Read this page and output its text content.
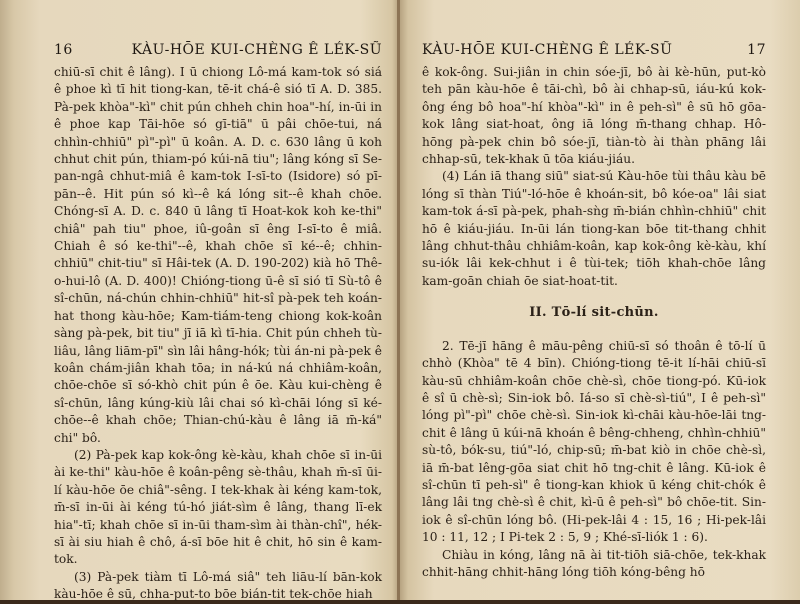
16	KÀU-HŌE KUI-CHÈNG Ê LÉK-SŨ

chiū-sī chit ê lâng). I ū chiong Lô-má kam-tok só siá ê phoe kì tī hit tiong-kan, tē-it chá-ê sió tī A. D. 385. Pà-pek khòa"-kì" chit pún chheh chin hoa"-hí, in-ūi in ê phoe kap Tāi-hōe só gī-tiā" ū pâi chōe-tui, ná chhìn-chhiū" pì"-pì" ū koân. A. D. c. 630 lâng ū koh chhut chit pún, thiam-pó kúi-nā tiu"; lâng kóng sī Se-pan-ngâ chhut-miâ ê kam-tok I-sī-to (Isidore) só pī-pān--ê. Hit pún só kì--ê ká lóng sit--ê khah chōe. Chóng-sī A. D. c. 840 ū lâng tī Hoat-kok koh ke-thi" chiâ" pah tiu" phoe, iû-goân sī êng I-sī-to ê miâ. Chiah ê só ke-thi"--ê, khah chōe sī ké--ê; chhin-chhiū" chit-tiu" sī Hâi-tek (A. D. 190-202) kià hō Thê-o-hui-lô (A. D. 400)! Chióng-tiong ū-ê sī sió tī Sù-tô ê sî-chūn, ná-chún chhin-chhiū" hit-sî pà-pek teh koán-hat thong kàu-hōe; Kam-tiám-teng chiong kok-koân sàng pà-pek, bit tiu" jī iā kì tī-hia. Chit pún chheh tù-liâu, lâng liām-pī" sìn lâi hâng-hók; tùi án-ni pà-pek ê koân chám-jiân khah tōa; in ná-kú ná chhiâm-koân, chōe-chōe sī só-khò chit pún ê ōe. Kàu kui-chèng ê sî-chūn, lâng kúng-kiù lâi chai só kì-chāi lóng sī ké-chōe--ê khah chōe; Thian-chú-kàu ê lâng iā m̄-ká" chi" bô.

(2) Pà-pek kap kok-ông kè-kàu, khah chōe sī in-ūi ài ke-thi" kàu-hōe ê koân-pêng sè-thâu, khah m̄-sī ūi-lí kàu-hōe ōe chiâ"-sêng. I tek-khak ài kéng kam-tok, m̄-sī in-ūi ài kéng tú-hó jiát-sìm ê lâng, thang lī-ek hia"-tī; khah chōe sī in-ūi tham-sìm ài thàn-chî", hék-sī ài siu hiah ê chô, á-sī bōe hit ê chit, hō sin ê kam-tok.

(3) Pà-pek tiàm tī Lô-má siâ" teh liāu-lí bān-kok kàu-hōe ê sū, chha-put-to bōe bián-tit tek-chōe hiah

KÀU-HŌE KUI-CHÈNG Ê LÉK-SŨ	17

ê kok-ông. Sui-jiân in chin sóe-jī, bô ài kè-hūn, put-kò teh pān kàu-hōe ê tāi-chì, bô ài chhap-sū, iáu-kú kok-ông éng bô hoa"-hí khòa"-kì" in ê peh-sì" ê sū hō gōa-kok lâng siat-hoat, ông iā lóng m̄-thang chhap. Hô-hōng pà-pek chin bô sóe-jī, tiàn-tò ài thàn phāng lâi chhap-sū, tek-khak ū tōa kiáu-jiáu.

(4) Lán iā thang siū" siat-sú Kàu-hōe tùi thâu kàu bē lóng sī thàn Tiú"-ló-hōe ê khoán-sit, bô kóe-oa" lâi siat kam-tok á-sī pà-pek, phah-sǹg m̄-bián chhìn-chhiū" chit hō ê kiáu-jiáu. In-ūi lán tiong-kan bōe tit-thang chhit lâng chhut-thâu chhiâm-koân, kap kok-ông kè-kàu, khí su-iók lâi kek-chhut i ê tùi-tek; tiōh khah-chōe lâng kam-goān chiah ōe siat-hoat-tit.

II. Tō-lí sit-chūn.

2. Tē-jī hāng ê māu-pêng chiū-sī só thoân ê tō-lí ū chhò (Khòa" tē 4 bīn). Chióng-tiong tē-it lí-hāi chiū-sī kàu-sū chhiâm-koân chōe chè-sì, chōe tiong-pó. Kū-iok ê sî ū chè-sì; Sin-iok bô. Iá-so sī chè-sì-tiú", I ê peh-sì" lóng pì"-pì" chōe chè-sì. Sin-iok kì-chāi kàu-hōe-lāi tng-chit ê lâng ū kúi-nā khoán ê bêng-chheng, chhìn-chhiū" sù-tô, bók-su, tiú"-ló, chip-sū; m̄-bat kiò in chōe chè-sì, iā m̄-bat lêng-gōa siat chit hō tng-chit ê lâng. Kū-iok ê sî-chūn tī peh-sì" ê tiong-kan khiok ū kéng chit-chók ê lâng lâi tng chè-sì ê chit, kì-ū ê peh-sì" bô chōe-tit. Sin-iok ê sî-chūn lóng bô. (Hi-pek-lâi 4 : 15, 16 ; Hi-pek-lâi 10 : 11, 12 ; I Pi-tek 2 : 5, 9 ; Khé-sī-liók 1 : 6).

Chiàu in kóng, lâng nā ài tit-tiōh siā-chōe, tek-khak chhit-hāng chhit-hāng lóng tiōh kóng-bêng hō
